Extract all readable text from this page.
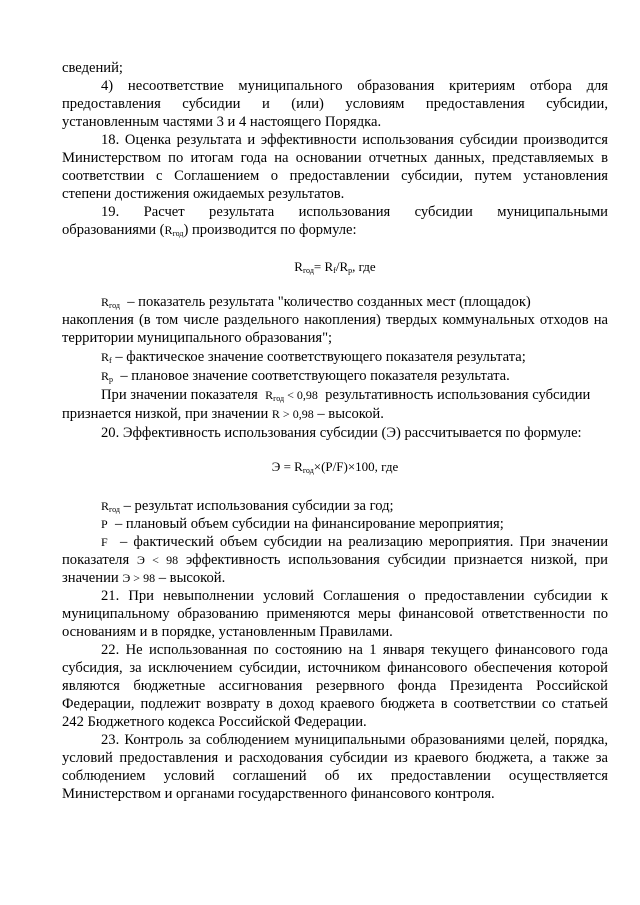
сведений;
4) несоответствие муниципального образования критериям отбора для
предоставления субсидии и (или) условиям предоставления субсидии,
установленным частями 3 и 4 настоящего Порядка.
18. Оценка результата и эффективности использования субсидии производится
Министерством по итогам года на основании отчетных данных, представляемых в
соответствии с Соглашением о предоставлении субсидии, путем установления
степени достижения ожидаемых результатов.
19. Расчет результата использования субсидии муниципальными
образованиями $(R_{год})$ производится по формуле:
$R_{год}= R_f/R_p$, где
$R_{год}$ – показатель результата "количество созданных мест (площадок)
накопления (в том числе раздельного накопления) твердых коммунальных отходов на
территории муниципального образования";
$R_f$ – фактическое значение соответствующего показателя результата;
$R_p$ – плановое значение соответствующего показателя результата.
При значении показателя $R_{год} < 0,98$ результативность использования субсидии
признается низкой, при значении R > 0,98 – высокой.
20. Эффективность использования субсидии (Э) рассчитывается по формуле:
$Э = R_{год}\times(P/F)\times 100$, где
$R_{год}$ – результат использования субсидии за год;
P – плановый объем субсидии на финансирование мероприятия;
F – фактический объем субсидии на реализацию мероприятия. При значении
показателя Э < 98 эффективность использования субсидии признается низкой, при
значении Э > 98 – высокой.
21. При невыполнении условий Соглашения о предоставлении субсидии к
муниципальному образованию применяются меры финансовой ответственности по
основаниям и в порядке, установленным Правилами.
22. Не использованная по состоянию на 1 января текущего финансового года
субсидия, за исключением субсидии, источником финансового обеспечения которой
являются бюджетные ассигнования резервного фонда Президента Российской
Федерации, подлежит возврату в доход краевого бюджета в соответствии со статьей
242 Бюджетного кодекса Российской Федерации.
23. Контроль за соблюдением муниципальными образованиями целей, порядка,
условий предоставления и расходования субсидии из краевого бюджета, а также за
соблюдением условий соглашений об их предоставлении осуществляется
Министерством и органами государственного финансового контроля.
